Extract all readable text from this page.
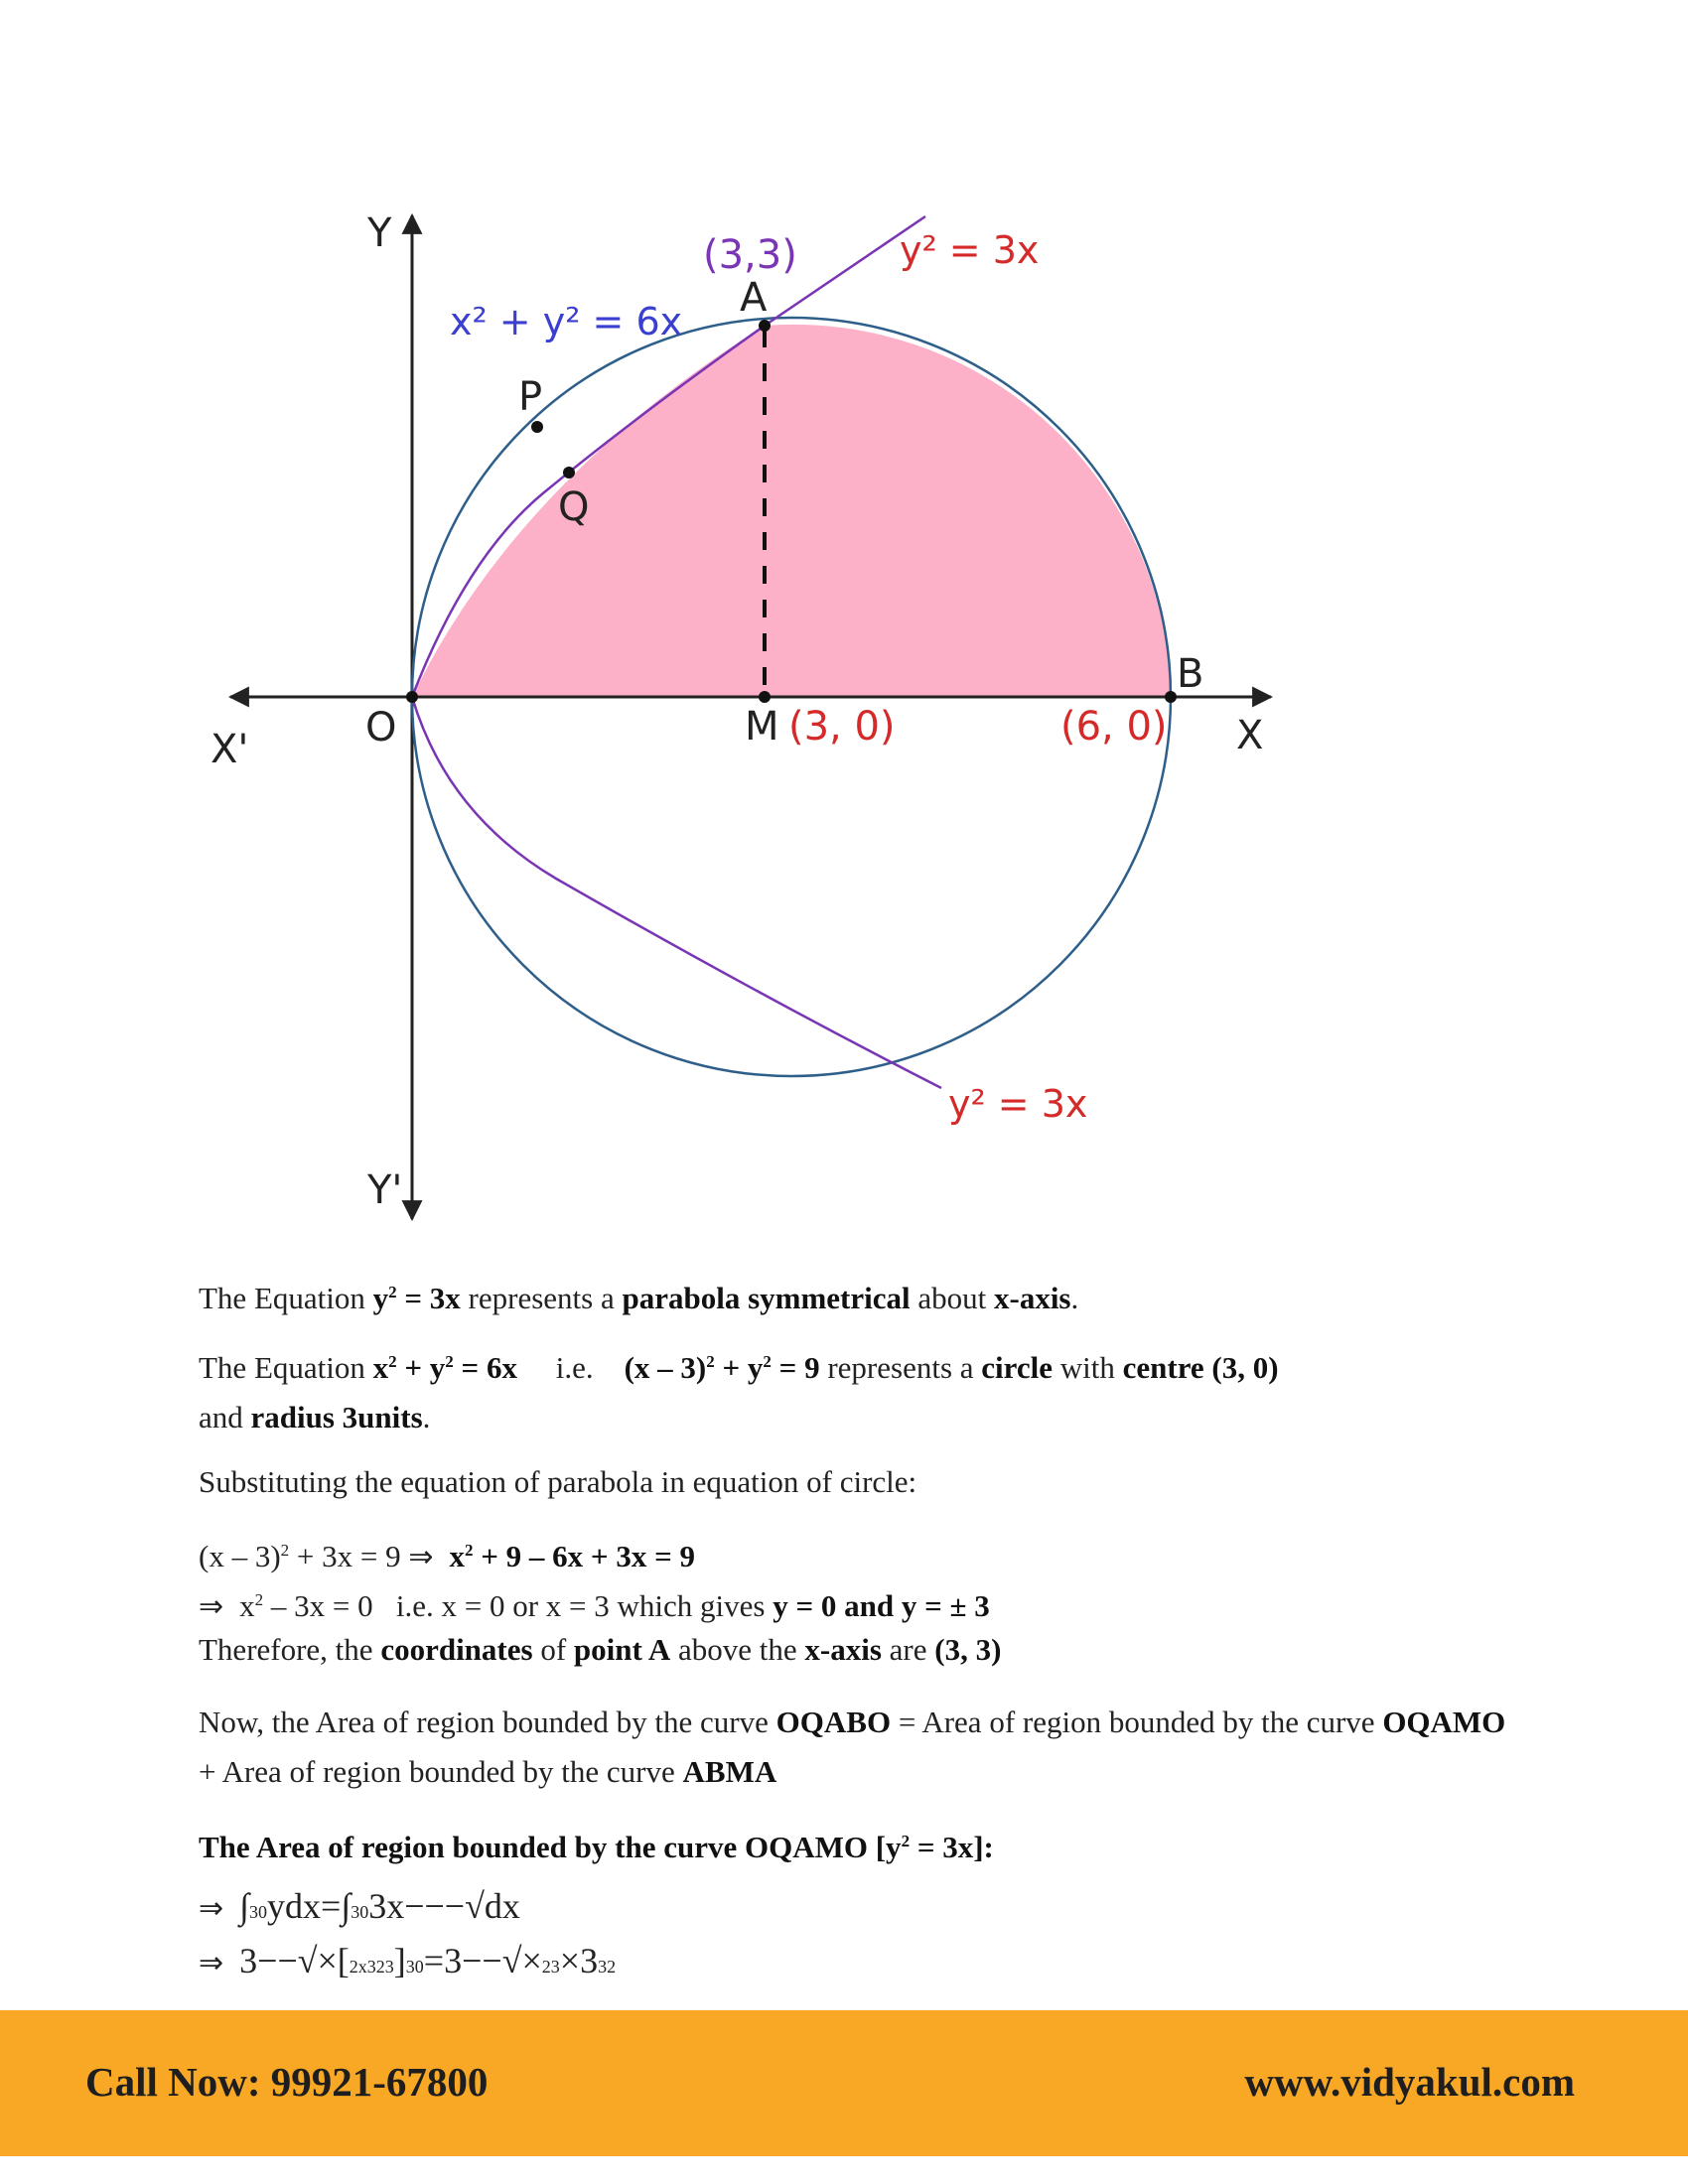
Y
Y'
X
X'	O
A
B
M
P
Q
(3,3)
(3, 0)	(6, 0)
x² + y² = 6x
y² = 3x
y² = 3x
The Equation $y^2 = 3x$ represents a parabola symmetrical about x-axis.
The Equation $x^2 + y^2 = 6x$     i.e.    $(x - 3)^2 + y^2 = 9$ represents a circle with centre (3, 0) and radius 3units.
Substituting the equation of parabola in equation of circle:
(x – 3)$^2$ + 3x = 9 ⇒ $x^2 + 9 - 6x + 3x = 9$
⇒ $x^2 - 3x = 0$   i.e. x = 0 or x = 3 which gives y = 0 and y = ± 3
Therefore, the coordinates of point A above the x-axis are (3, 3)
Now, the Area of region bounded by the curve OQABO = Area of region bounded by the curve OQAMO + Area of region bounded by the curve ABMA
The Area of region bounded by the curve OQAMO $[y^2 = 3x]$:
⇒ ∫30ydx=∫303x−−−√dx
⇒ 3−−√×[2x323]30=3−−√×23×332
Call Now: 99921-67800	www.vidyakul.com
